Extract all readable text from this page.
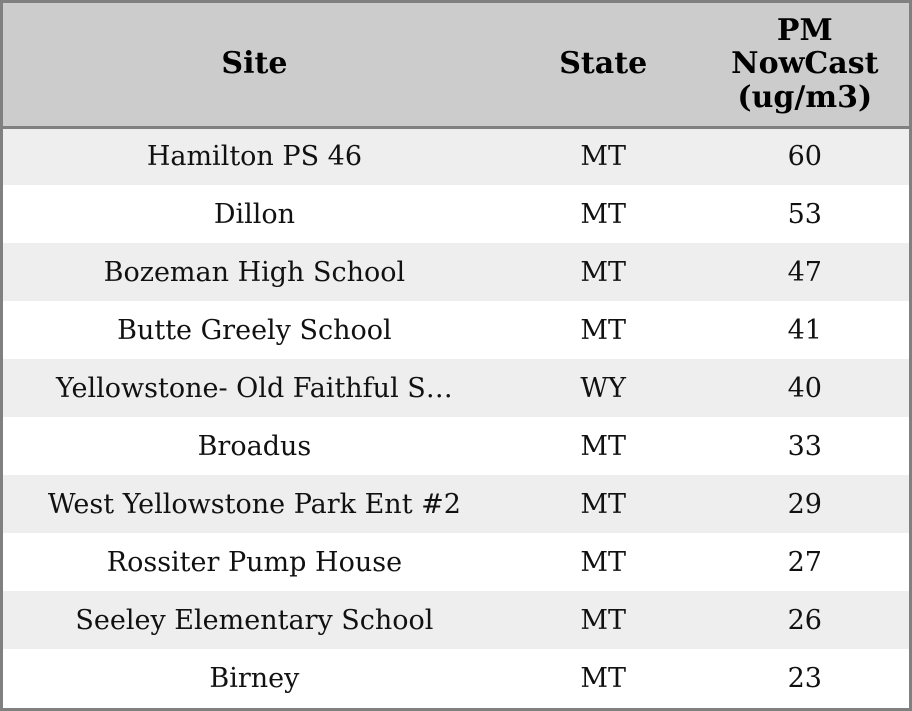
Site	State	PM
NowCast
(ug/m3)

Hamilton PS 46	MT	60
Dillon	MT	53
Bozeman High School	MT	47
Butte Greely School	MT	41
Yellowstone- Old Faithful S…	WY	40
Broadus	MT	33
West Yellowstone Park Ent #2	MT	29
Rossiter Pump House	MT	27
Seeley Elementary School	MT	26
Birney	MT	23
